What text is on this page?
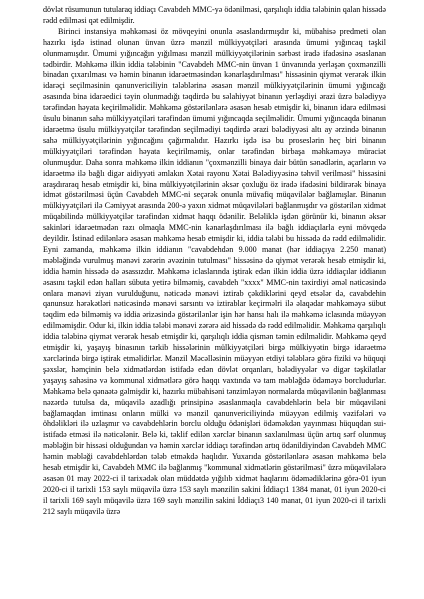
dövlət rüsumunun tutularaq iddiaçı Cavabdeh MMC-yə ödənilməsi, qarşılıqlı iddia tələbinin qalan hissədə rədd edilməsi qət edilmişdir.

Birinci instansiya məhkəməsi öz mövqeyini onunla əsaslandırmışdır ki, mübahisə predmeti olan hazırkı işdə istinad olunan ünvan üzrə mənzil mülkiyyətçiləri arasında ümumi yığıncaq təşkil olunmamışdır. Ümumi yığıncağın yığılması mənzil mülkiyyətçilərinin sərbəst iradə ifadəsinə əsaslanan tədbirdir. Məhkəmə ilkin iddia tələbinin "Cavabdeh MMC-nin ünvan 1 ünvanında yerləşən çoxmənzilli binadan çıxarılması və həmin binanın idarəetməsindən kənarlaşdırılması" hissəsinin qiymət verərək ilkin idarəçi seçilməsinin qanunvericiliyin tələblərinə əsasən mənzil mülkiyyətçilərinin ümumi yığıncağı əsasında bina idarəedici təyin olunmadığı təqdirdə bu səlahiyyət binanın yerləşdiyi ərazi üzrə bələdiyyə tərəfindən həyata keçirilməlidir. Məhkəmə göstərilənlərə əsasən hesab etmişdir ki, binanın idarə edilməsi üsulu binanın sahə mülkiyyətçiləri tərəfindən ümumi yığıncaqda seçilməlidir. Ümumi yığıncaqda binanın idarəetmə üsulu mülkiyyətçilər tərəfindən seçilmədiyi təqdirdə ərazi bələdiyyəsi altı ay ərzində binanın sahə mülkiyyətçilərinin yığıncağını çağırmalıdır. Hazırkı işdə isə bu proseslərin heç biri binanın mülkiyyətçiləri tərəfindən həyata keçirilməmiş, onlar tərəfindən birbaşa məhkəməyə müraciət olunmuşdur. Daha sonra məhkəmə ilkin iddianın "çoxmənzilli binaya dair bütün sənədlərin, açarların və idarəetmə ilə bağlı digər aidiyyəti əmlakın Xətai rayonu Xətai Bələdiyyəsinə təhvil verilməsi" hissəsini araşdıraraq hesab etmişdir ki, bina mülkiyyətçilərinin əksər çoxluğu öz iradə ifadəsini bildirərək binaya idmət göstərilməsi üçün Cavabdeh MMC-ni seçərək onunla müvafiq müqavilələr bağlamışlar. Binanın mülkiyyətçiləri ilə Cəmiyyət arasında 200-ə yaxın xidmət müqavilələri bağlanmışdır və göstərilən xidmət müqabilində mülkiyyətçilər tərəfindən xidmət haqqı ödənilir. Beləliklə işdən görünür ki, binanın əksər sakinləri idarəetmədən razı olmaqla MMC-nin kənarlaşdırılması ilə bağlı iddiaçılarla eyni mövqedə deyildir. İstinad edilənlərə əsasən məhkəmə hesab etmişdir ki, iddia tələbi bu hissədə də rədd edilməlidir. Eyni zamanda, məhkəmə ilkin iddianın "cavabdehdən 9.000 manat (hər iddiaçıya 2.250 manat) məbləğində vurulmuş mənəvi zərərin əvəzinin tutulması" hissəsinə də qiymət verərək hesab etmişdir ki, iddia həmin hissədə də əsassızdır. Məhkəmə iclaslarında iştirak edən ilkin iddia üzrə iddiaçılar iddianın əsasını təşkil edən halları sübuta yetirə bilməmiş, cavabdeh "xxxx" MMC-nin təxirdiyi əməl nəticəsində onlara mənəvi ziyan vurulduğunu, nəticədə mənəvi iztirab çəkdiklərini qeyd etsələr də, cavabdehin qanunsuz hərəkətləri nəticəsində mənəvi sarsıntı və iztirablar keçirməlri ilə əlaqədar məhkəməyə sübut təqdim edə bilməmiş və iddia ərizəsində göstərilənlər işin hər hansı halı ilə məhkəmə iclasında müəyyən edilməmişdir. Odur ki, ilkin iddia tələbi mənəvi zərərə aid hissədə də rədd edilməlidir. Məhkəmə qarşılıqlı iddia tələbinə qiymət verərək hesab etmişdir ki, qarşılıqlı iddia qismən təmin edilməlidir. Məhkəmə qeyd etmişdir ki, yaşayış binasının tərkib hissələrinin mülkiyyətçiləri birgə mülkiyyətin birgə idarəetmə xərclərində birgə iştirak etməlidirlər. Mənzil Məcəlləsinin müəyyən etdiyi tələblərə görə fiziki və hüquqi şəxslər, həmçinin belə xidmətlərdən istifadə edən dövlət orqanları, bələdiyyələr və digər təşkilatlar yaşayış sahəsinə və kommunal xidmətlərə görə haqqı vaxtında və tam məbləğdə ödəməyə borcludurlar. Məhkəmə belə qənaətə gəlmişdir ki, hazırkı mübahisəni tənzimləyən normalarda müqavilənin bağlanması nəzərdə tutulsa da, müqavilə azadlığı prinsipinə əsaslanmaqla cavabdehlərin belə bir müqaviləni bağlamaqdan imtinası onların mülki və mənzil qanunvericiliyində müəyyən edilmiş vəzifələri və öhdəlikləri ilə uzlaşmır və cavabdehlərin borclu olduğu ödənişləri ödəməkdən yayınması hüquqdan sui-istifadə etməsi ilə nəticələnir. Belə ki, təklif edilən xərclər binanın saxlanılması üçün artıq sərf olunmuş məbləğin bir hissəsi olduğundan və həmin xərclər iddiaçı tərəfindən artıq ödənildiyindən Cavabdeh MMC həmin məbləği cavabdehlərdən tələb etməkdə haqlıdır. Yuxarıda göstərilənlərə əsasən məhkəmə belə hesab etmişdir ki, Cavabdeh MMC ilə bağlanmış "kommunal xidmətlərin göstərilməsi" üzrə müqavilələrə əsasən 01 may 2022-ci il tarixədək olan müddətdə yığılıb xidmət haqlarını ödəmədiklərinə görə-01 iyun 2020-ci il tarixli 153 saylı müqavilə üzrə 153 saylı mənzilin sakini İddiaçı1 1384 manat, 01 iyun 2020-ci il tarixli 169 saylı müqavilə üzrə 169 saylı mənzilin sakini İddiaçı3 140 manat, 01 iyun 2020-ci il tarixli 212 saylı müqavilə üzrə
